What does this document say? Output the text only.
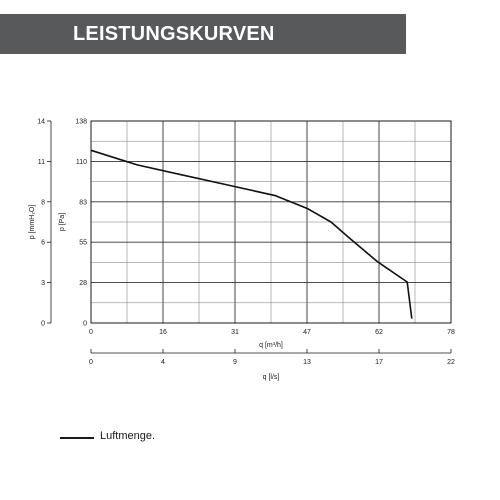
LEISTUNGSKURVEN
0
0
28
3
55
6
83
8
110
11
138
14
0	16	31	47	62	78
0	4	9	13	17	22
q [m³/h]
q [l/s]
p [Pa]
p [mmH₂O]
Luftmenge.
